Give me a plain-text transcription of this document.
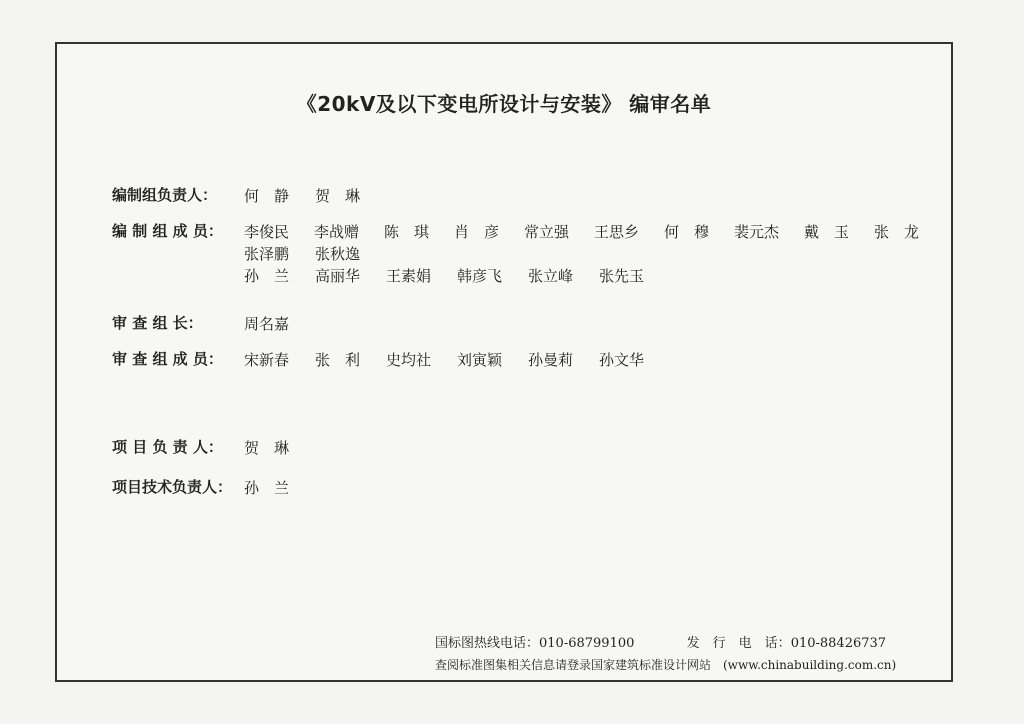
《20kV及以下变电所设计与安装》 编审名单
编制组负责人： 何　静	贺　琳
编 制 组 成 员： 李俊民	李战赠	陈　琪	肖　彦	常立强	王思乡	何　穆	裴元杰	戴　玉	张　龙
张泽鹏	张秋逸
孙　兰	高丽华	王素娟	韩彦飞	张立峰	张先玉
审 查 组 长：	周名嘉
审 查 组 成 员： 宋新春	张　利	史均社	刘寅颖	孙曼莉	孙文华
项 目 负 责 人： 贺　琳
项目技术负责人： 孙　兰
国标图热线电话：010-68799100	发　行　电　话：010-88426737
查阅标准图集相关信息请登录国家建筑标准设计网站　(www.chinabuilding.com.cn)
